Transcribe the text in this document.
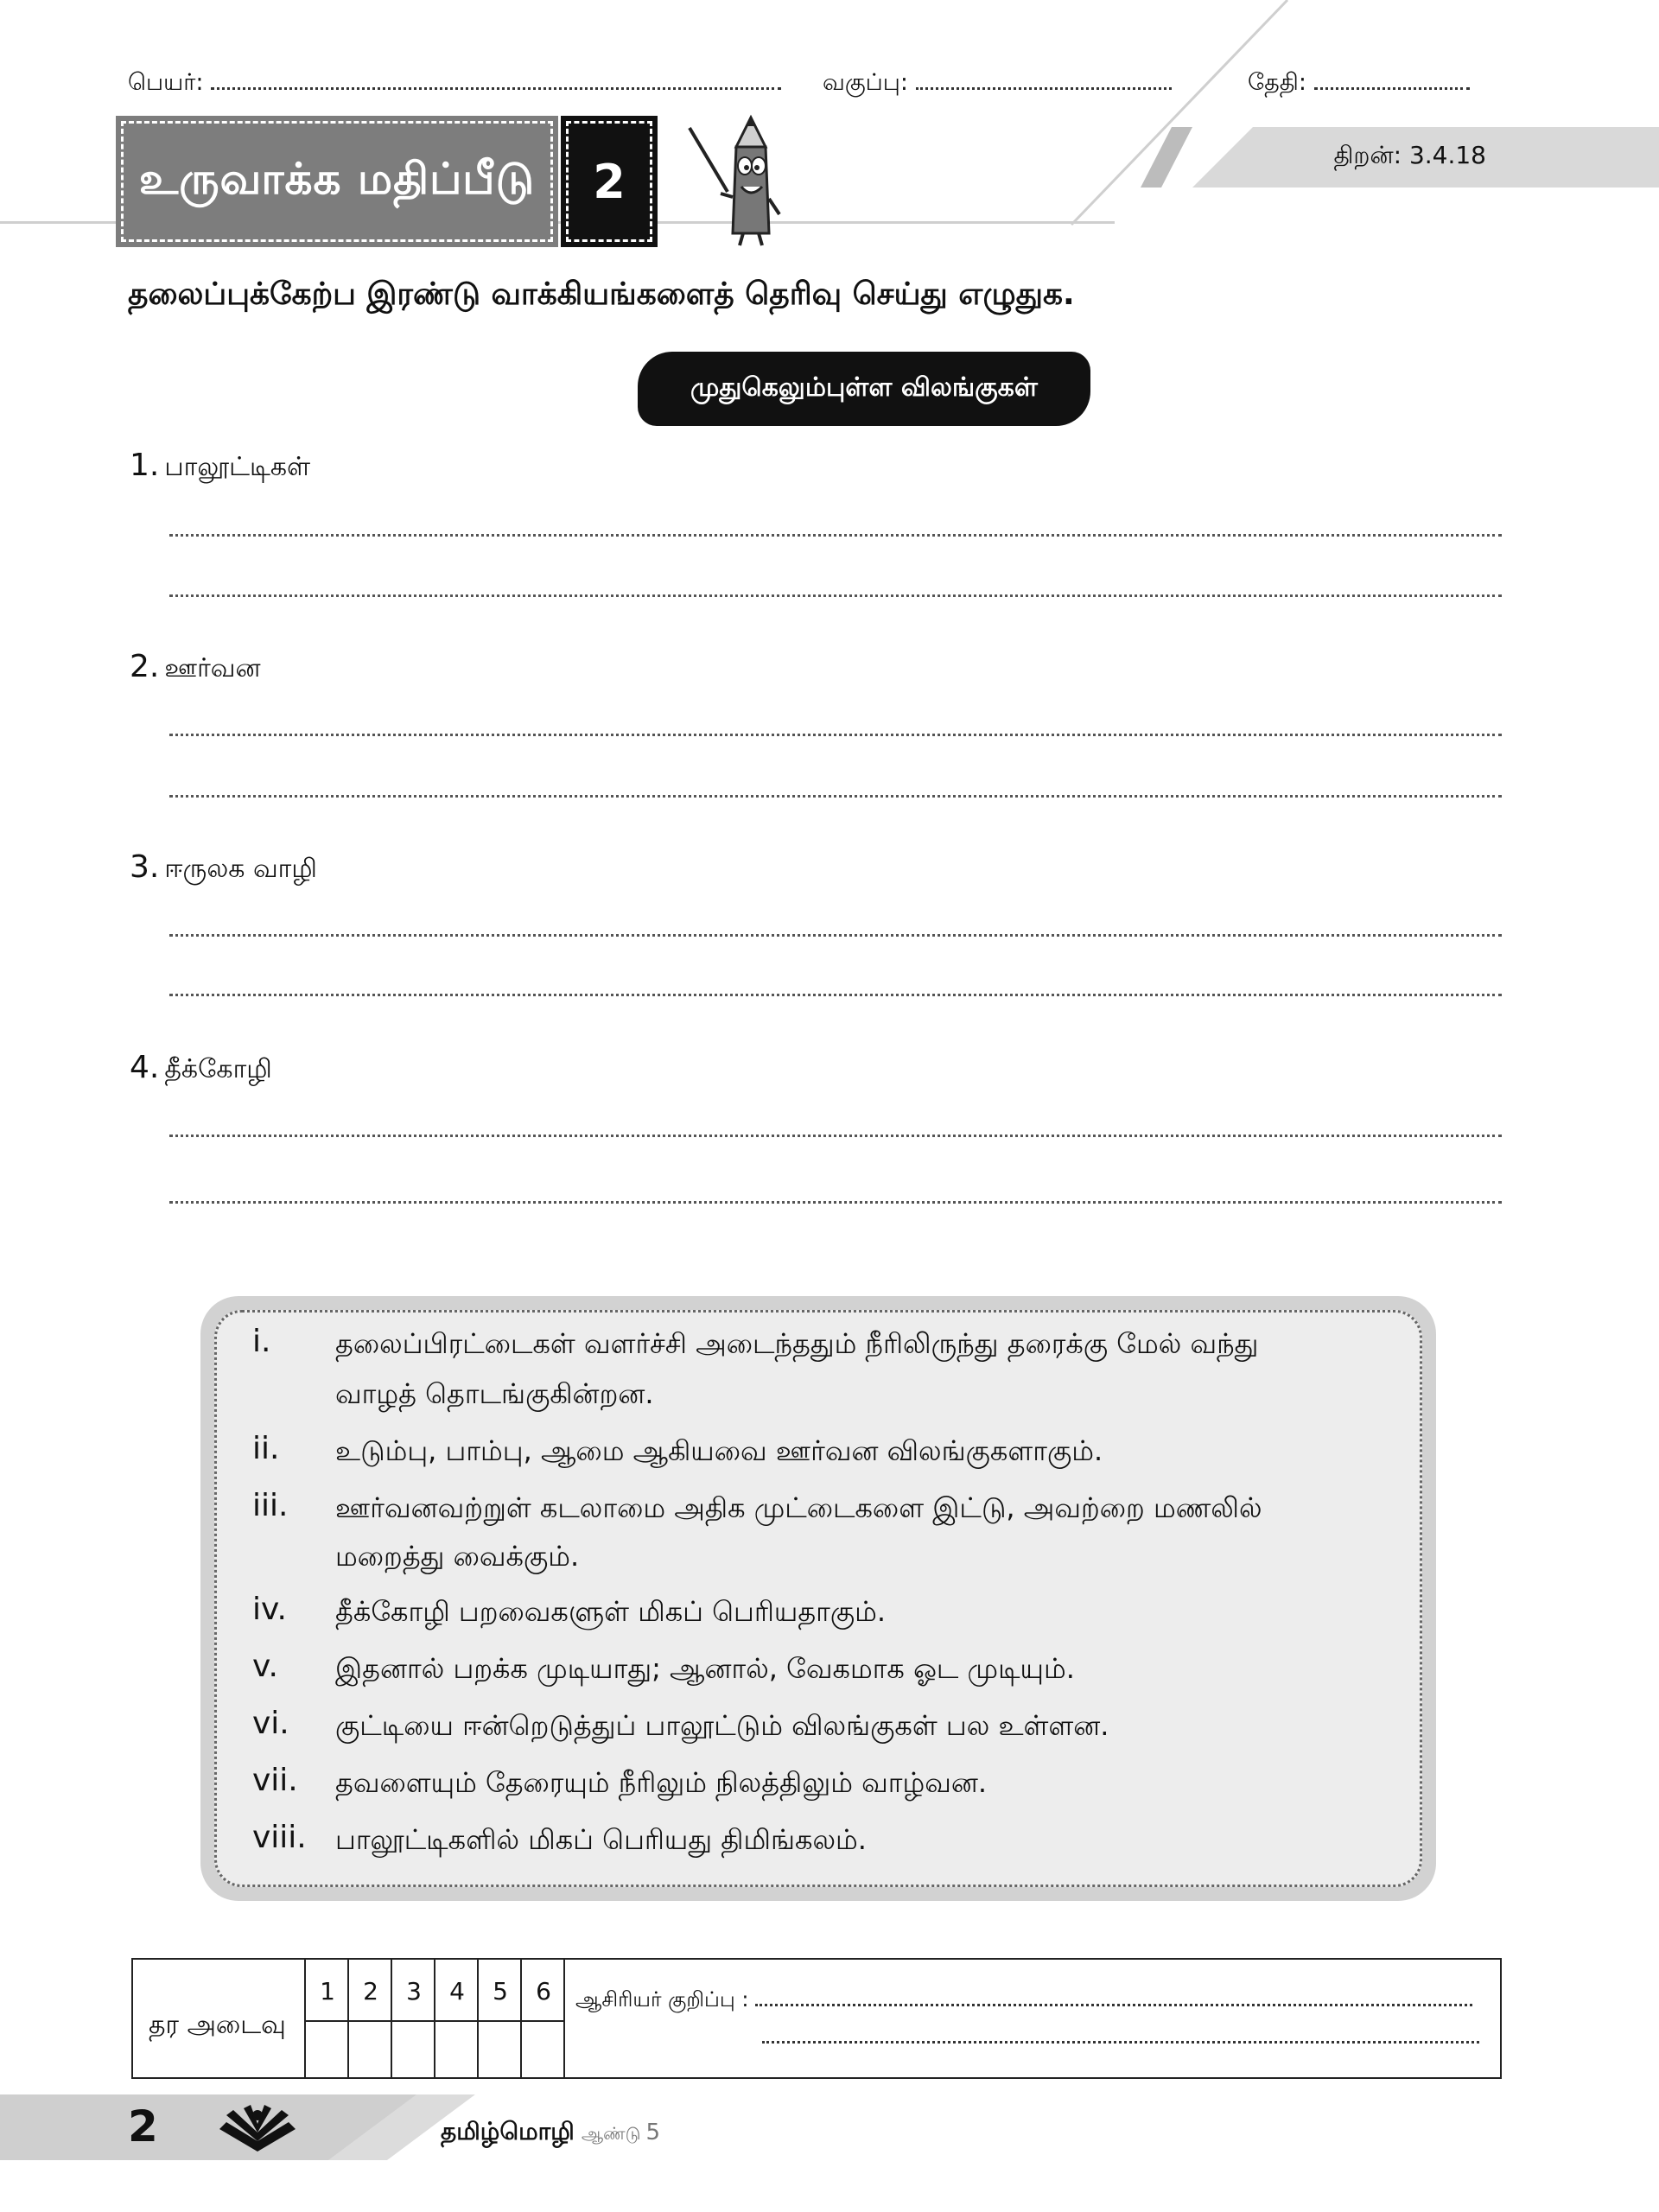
பெயர்:	வகுப்பு:	தேதி:
உருவாக்க மதிப்பீடு 2	திறன்: 3.4.18
தலைப்புக்கேற்ப இரண்டு வாக்கியங்களைத் தெரிவு செய்து எழுதுக.
முதுகெலும்புள்ள விலங்குகள்
1. பாலூட்டிகள்
2. ஊர்வன
3. ஈருலக வாழி
4. தீக்கோழி
i. தலைப்பிரட்டைகள் வளர்ச்சி அடைந்ததும் நீரிலிருந்து தரைக்கு மேல் வந்து
வாழத் தொடங்குகின்றன.
ii. உடும்பு, பாம்பு, ஆமை ஆகியவை ஊர்வன விலங்குகளாகும்.
iii. ஊர்வனவற்றுள் கடலாமை அதிக முட்டைகளை இட்டு, அவற்றை மணலில்
மறைத்து வைக்கும்.
iv. தீக்கோழி பறவைகளுள் மிகப் பெரியதாகும்.
v. இதனால் பறக்க முடியாது; ஆனால், வேகமாக ஓட முடியும்.
vi. குட்டியை ஈன்றெடுத்துப் பாலூட்டும் விலங்குகள் பல உள்ளன.
vii. தவளையும் தேரையும் நீரிலும் நிலத்திலும் வாழ்வன.
viii. பாலூட்டிகளில் மிகப் பெரியது திமிங்கலம்.
தர அடைவு
1	2	3	4	5	6	ஆசிரியர் குறிப்பு :
2	தமிழ்மொழி ஆண்டு 5
